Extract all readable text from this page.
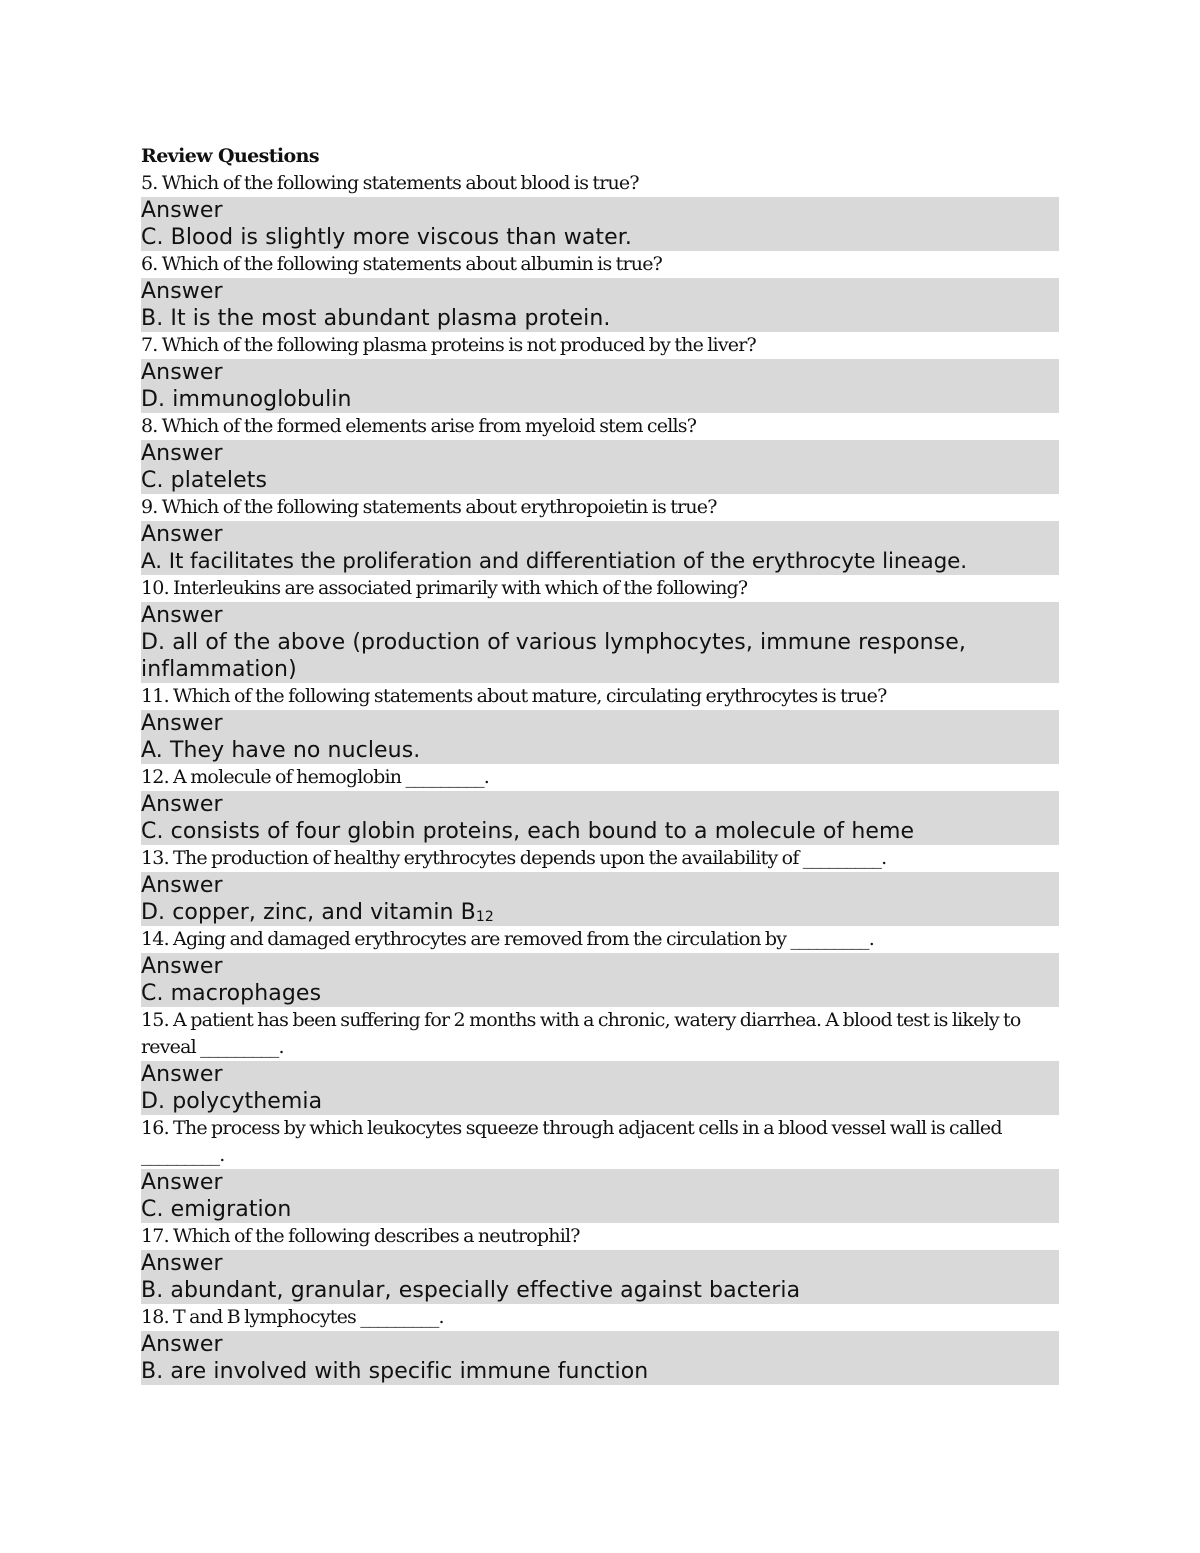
Review Questions
5. Which of the following statements about blood is true?
Answer
C. Blood is slightly more viscous than water.
6. Which of the following statements about albumin is true?
Answer
B. It is the most abundant plasma protein.
7. Which of the following plasma proteins is not produced by the liver?
Answer
D. immunoglobulin
8. Which of the formed elements arise from myeloid stem cells?
Answer
C. platelets
9. Which of the following statements about erythropoietin is true?
Answer
A. It facilitates the proliferation and differentiation of the erythrocyte lineage.
10. Interleukins are associated primarily with which of the following?
Answer
D. all of the above (production of various lymphocytes, immune response, inflammation)
11. Which of the following statements about mature, circulating erythrocytes is true?
Answer
A. They have no nucleus.
12. A molecule of hemoglobin _________.
Answer
C. consists of four globin proteins, each bound to a molecule of heme
13. The production of healthy erythrocytes depends upon the availability of _________.
Answer
D. copper, zinc, and vitamin $B_{12}$
14. Aging and damaged erythrocytes are removed from the circulation by _________.
Answer
C. macrophages
15. A patient has been suffering for 2 months with a chronic, watery diarrhea. A blood test is likely to reveal _________.
Answer
D. polycythemia
16. The process by which leukocytes squeeze through adjacent cells in a blood vessel wall is called _________.
Answer
C. emigration
17. Which of the following describes a neutrophil?
Answer
B. abundant, granular, especially effective against bacteria
18. T and B lymphocytes _________.
Answer
B. are involved with specific immune function
